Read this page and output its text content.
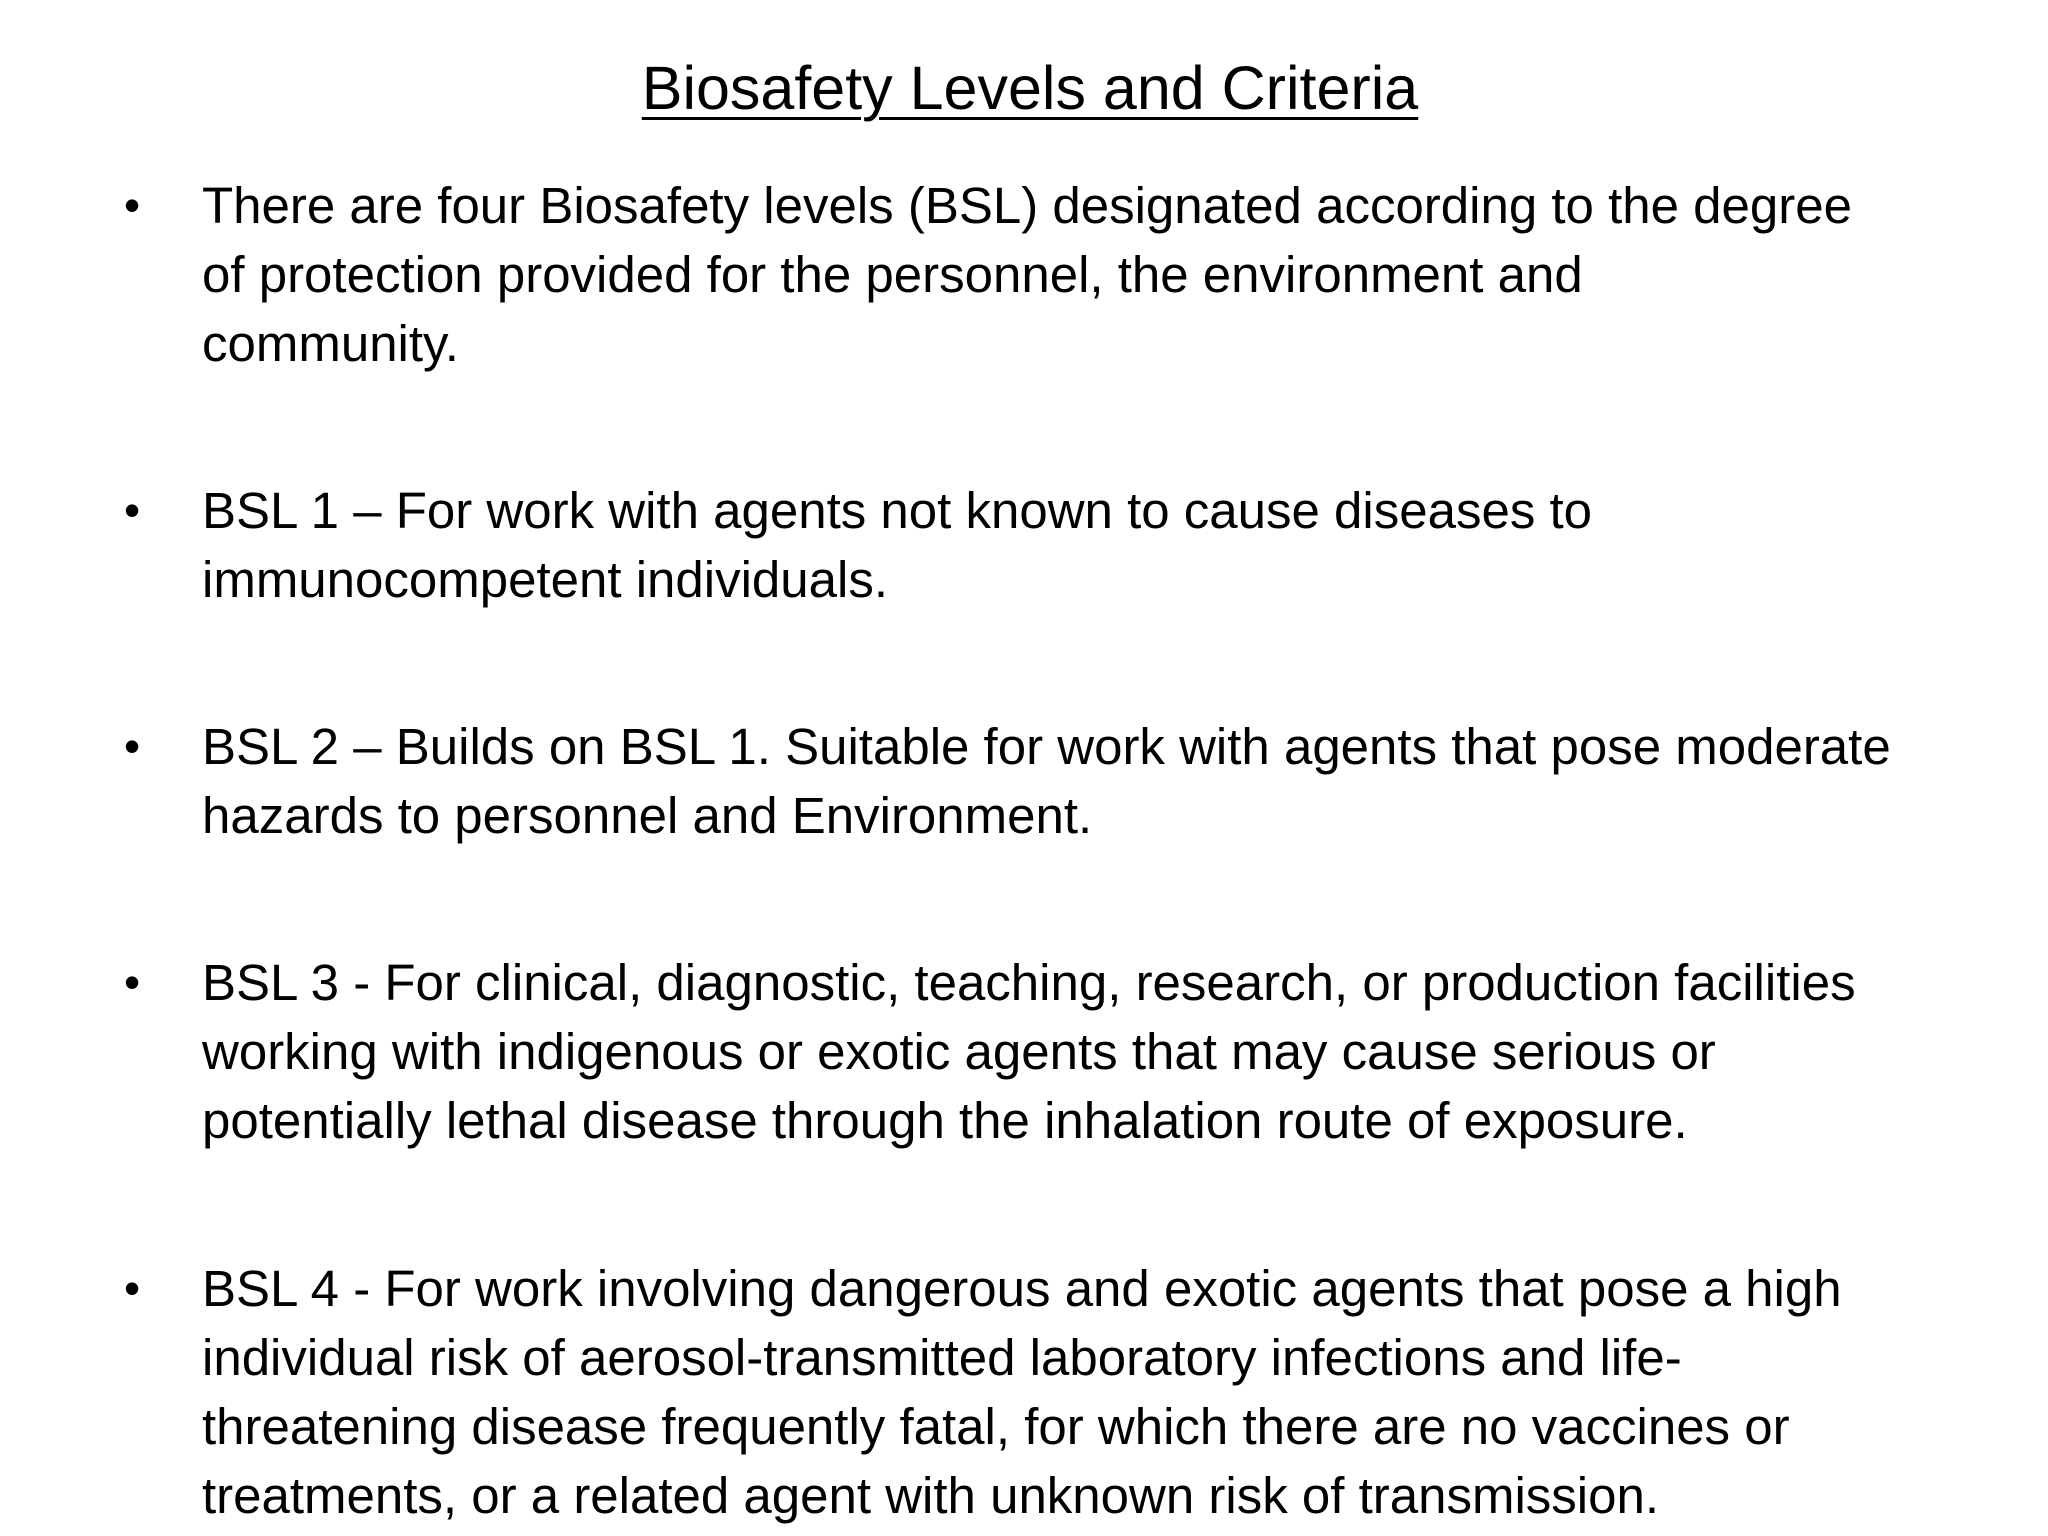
Biosafety Levels and Criteria
• There are four Biosafety levels (BSL) designated according to the degree
of protection provided for the personnel, the environment and
community.
• BSL 1 – For work with agents not known to cause diseases to
immunocompetent individuals.
• BSL 2 – Builds on BSL 1. Suitable for work with agents that pose moderate
hazards to personnel and Environment.
• BSL 3 - For clinical, diagnostic, teaching, research, or production facilities
working with indigenous or exotic agents that may cause serious or
potentially lethal disease through the inhalation route of exposure.
• BSL 4 - For work involving dangerous and exotic agents that pose a high
individual risk of aerosol-transmitted laboratory infections and life-
threatening disease frequently fatal, for which there are no vaccines or
treatments, or a related agent with unknown risk of transmission.
